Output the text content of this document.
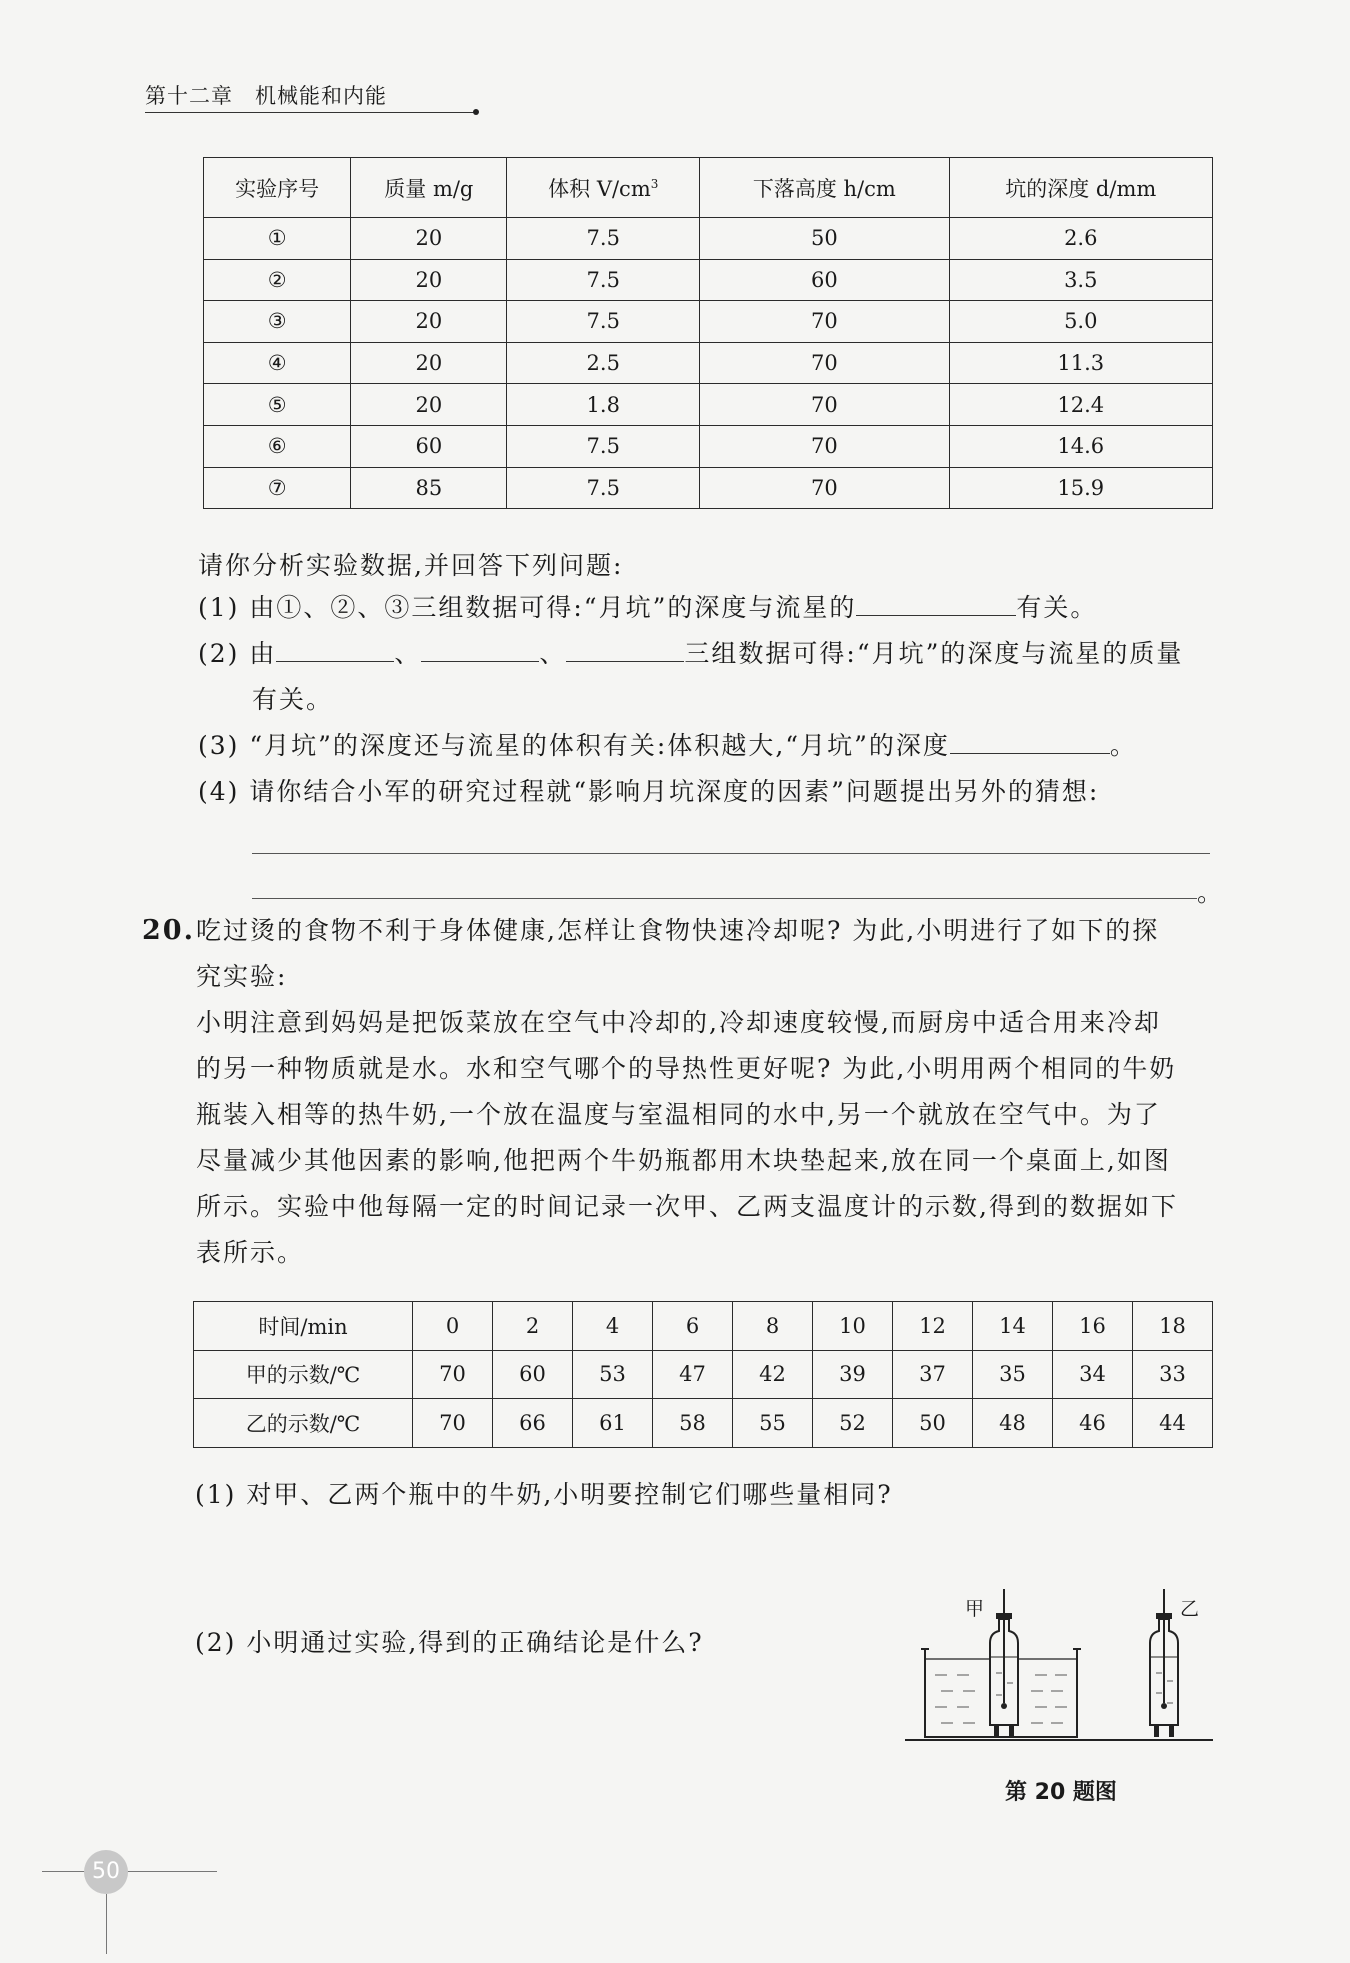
第十二章　机械能和内能
实验序号	质量 m/g	体积 $V/cm^3$	下落高度 h/cm	坑的深度 d/mm
①	20	7.5	50	2.6
②	20	7.5	60	3.5
③	20	7.5	70	5.0
④	20	2.5	70	11.3
⑤	20	1.8	70	12.4
⑥	60	7.5	70	14.6
⑦	85	7.5	70	15.9
请你分析实验数据,并回答下列问题:
(1) 由①、②、③三组数据可得:“月坑”的深度与流星的	有关。
(2) 由	、	、	三组数据可得:“月坑”的深度与流星的质量
有关。
(3) “月坑”的深度还与流星的体积有关:体积越大,“月坑”的深度	。
(4) 请你结合小军的研究过程就“影响月坑深度的因素”问题提出另外的猜想:
。
20. 吃过烫的食物不利于身体健康,怎样让食物快速冷却呢? 为此,小明进行了如下的探
究实验:
小明注意到妈妈是把饭菜放在空气中冷却的,冷却速度较慢,而厨房中适合用来冷却
的另一种物质就是水。水和空气哪个的导热性更好呢? 为此,小明用两个相同的牛奶
瓶装入相等的热牛奶,一个放在温度与室温相同的水中,另一个就放在空气中。为了
尽量减少其他因素的影响,他把两个牛奶瓶都用木块垫起来,放在同一个桌面上,如图
所示。实验中他每隔一定的时间记录一次甲、乙两支温度计的示数,得到的数据如下
表所示。
时间/min	0	2	4	6	8	10	12	14	16	18
甲的示数/℃	70	60	53	47	42	39	37	35	34	33
乙的示数/℃	70	66	61	58	55	52	50	48	46	44
(1) 对甲、乙两个瓶中的牛奶,小明要控制它们哪些量相同?
(2) 小明通过实验,得到的正确结论是什么?
甲	乙
第 20 题图
50
